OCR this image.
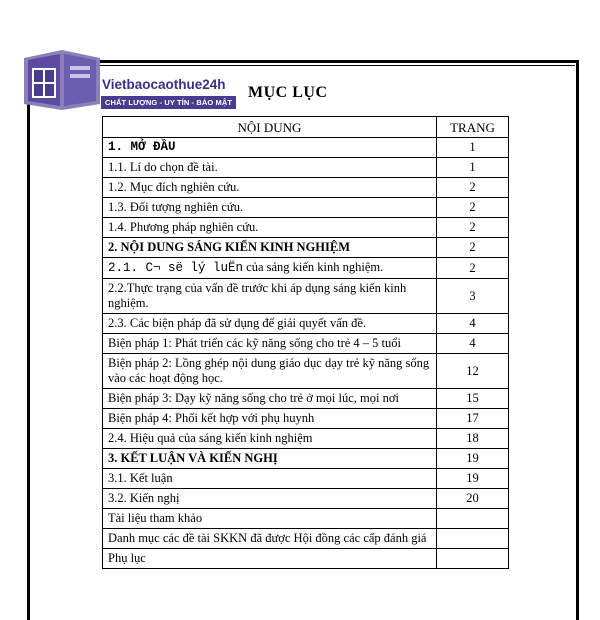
Vietbaocaothue24h
CHẤT LƯỢNG - UY TÍN - BẢO MẬT
MỤC LỤC
NỘI DUNG	TRANG
1. MỞ ĐẦU	1
1.1. Lí do chọn đề tài.	1
1.2. Mục đích nghiên cứu.	2
1.3. Đối tượng nghiên cứu.	2
1.4. Phương pháp nghiên cứu.	2
2. NỘI DUNG SÁNG KIẾN KINH NGHIỆM	2
2.1. C¬ së lý luËn của sáng kiến kinh nghiệm.	2
2.2.Thực trạng của vấn đề trước khi áp dụng sáng kiến kinh nghiệm.	3
2.3. Các biện pháp đã sử dụng để giải quyết vấn đề.	4
Biện pháp 1: Phát triển các kỹ năng sống cho trẻ 4 – 5 tuổi	4
Biện pháp 2: Lồng ghép nội dung giáo dục dạy trẻ kỹ năng sống vào các hoạt động học.	12
Biện pháp 3: Dạy kỹ năng sống cho trẻ ở mọi lúc, mọi nơi	15
Biện pháp 4: Phối kết hợp với phụ huynh	17
2.4. Hiệu quả của sáng kiến kinh nghiệm	18
3. KẾT LUẬN VÀ KIẾN NGHỊ	19
3.1. Kết luận	19
3.2. Kiến nghị	20
Tài liệu tham khảo	
Danh mục các đề tài SKKN đã được Hội đồng các cấp đánh giá	
Phụ lục	
